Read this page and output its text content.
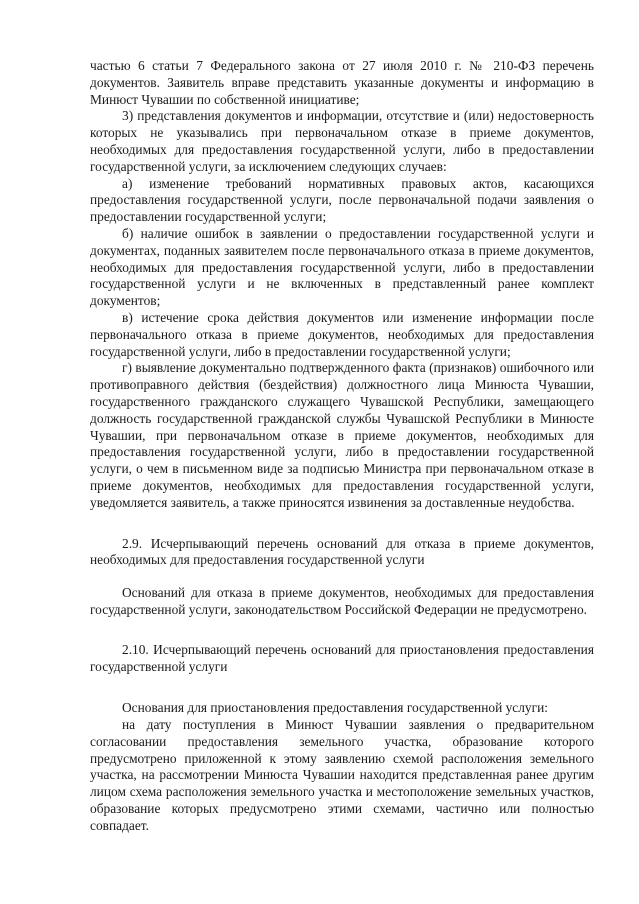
частью 6 статьи 7 Федерального закона от 27 июля 2010 г. № 210-ФЗ перечень документов. Заявитель вправе представить указанные документы и информацию в Минюст Чувашии по собственной инициативе;

3) представления документов и информации, отсутствие и (или) недостоверность которых не указывались при первоначальном отказе в приеме документов, необходимых для предоставления государственной услуги, либо в предоставлении государственной услуги, за исключением следующих случаев:

а) изменение требований нормативных правовых актов, касающихся предоставления государственной услуги, после первоначальной подачи заявления о предоставлении государственной услуги;

б) наличие ошибок в заявлении о предоставлении государственной услуги и документах, поданных заявителем после первоначального отказа в приеме документов, необходимых для предоставления государственной услуги, либо в предоставлении государственной услуги и не включенных в представленный ранее комплект документов;

в) истечение срока действия документов или изменение информации после первоначального отказа в приеме документов, необходимых для предоставления государственной услуги, либо в предоставлении государственной услуги;

г) выявление документально подтвержденного факта (признаков) ошибочного или противоправного действия (бездействия) должностного лица Минюста Чувашии, государственного гражданского служащего Чувашской Республики, замещающего должность государственной гражданской службы Чувашской Республики в Минюсте Чувашии, при первоначальном отказе в приеме документов, необходимых для предоставления государственной услуги, либо в предоставлении государственной услуги, о чем в письменном виде за подписью Министра при первоначальном отказе в приеме документов, необходимых для предоставления государственной услуги, уведомляется заявитель, а также приносятся извинения за доставленные неудобства.

2.9. Исчерпывающий перечень оснований для отказа в приеме документов, необходимых для предоставления государственной услуги

Оснований для отказа в приеме документов, необходимых для предоставления государственной услуги, законодательством Российской Федерации не предусмотрено.

2.10. Исчерпывающий перечень оснований для приостановления предоставления государственной услуги

Основания для приостановления предоставления государственной услуги:

на дату поступления в Минюст Чувашии заявления о предварительном согласовании предоставления земельного участка, образование которого предусмотрено приложенной к этому заявлению схемой расположения земельного участка, на рассмотрении Минюста Чувашии находится представленная ранее другим лицом схема расположения земельного участка и местоположение земельных участков, образование которых предусмотрено этими схемами, частично или полностью совпадает.
